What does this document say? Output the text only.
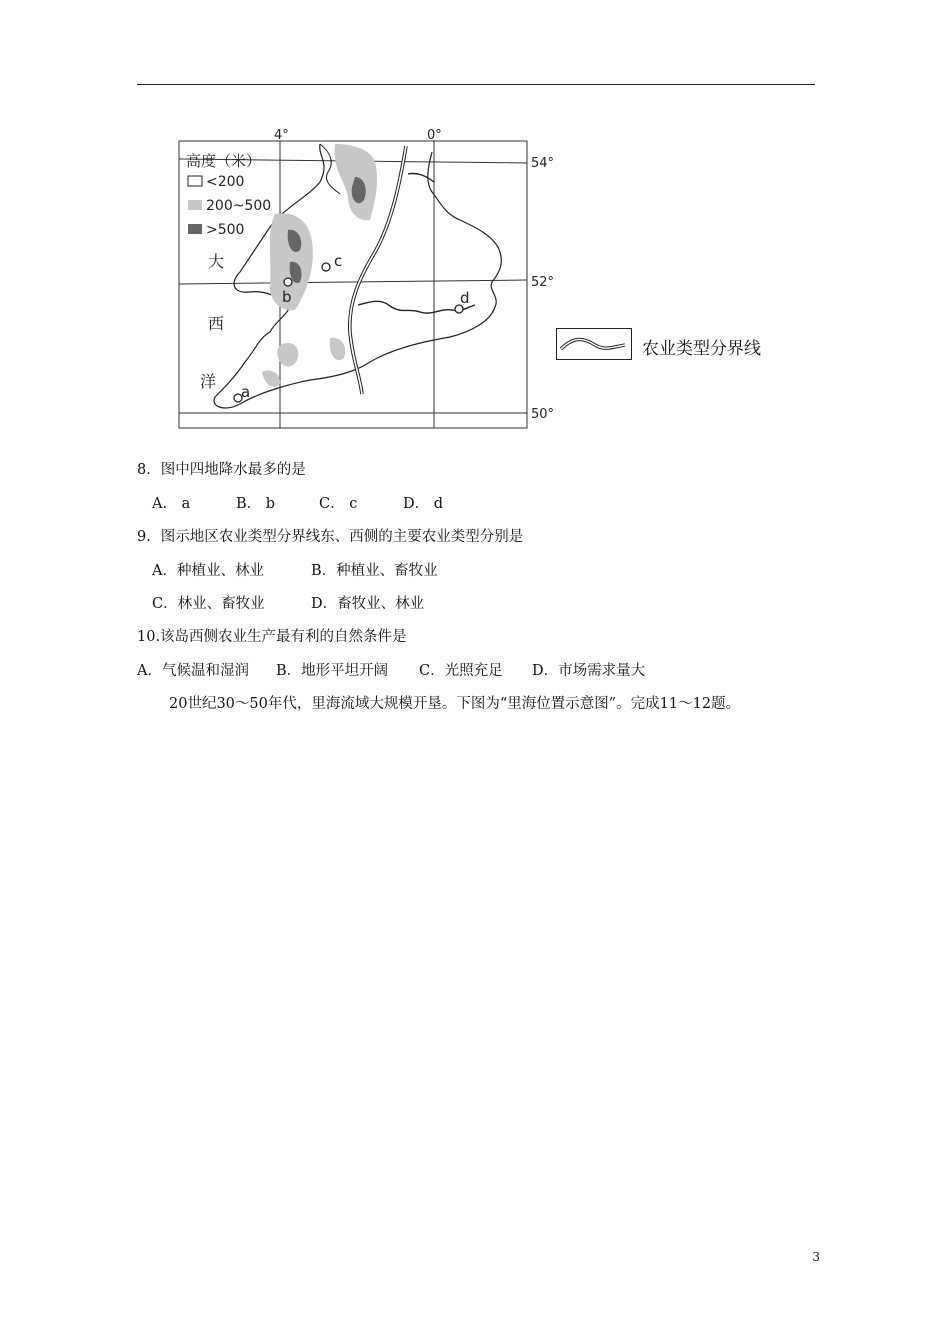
a
b
c
d
高度（米）
<200
200~500
>500
大
西
洋
4°	0°
54°
52°
50°
农业类型分界线
8．图中四地降水最多的是
A． a	B． b	C． c	D． d
9．图示地区农业类型分界线东、西侧的主要农业类型分别是
A．种植业、林业	B．种植业、畜牧业
C．林业、畜牧业	D．畜牧业、林业
10.该岛西侧农业生产最有利的自然条件是
A．气候温和湿润 B．地形平坦开阔 C．光照充足 D．市场需求量大
20世纪30～50年代，里海流域大规模开垦。下图为“里海位置示意图”。完成11～12题。
3
